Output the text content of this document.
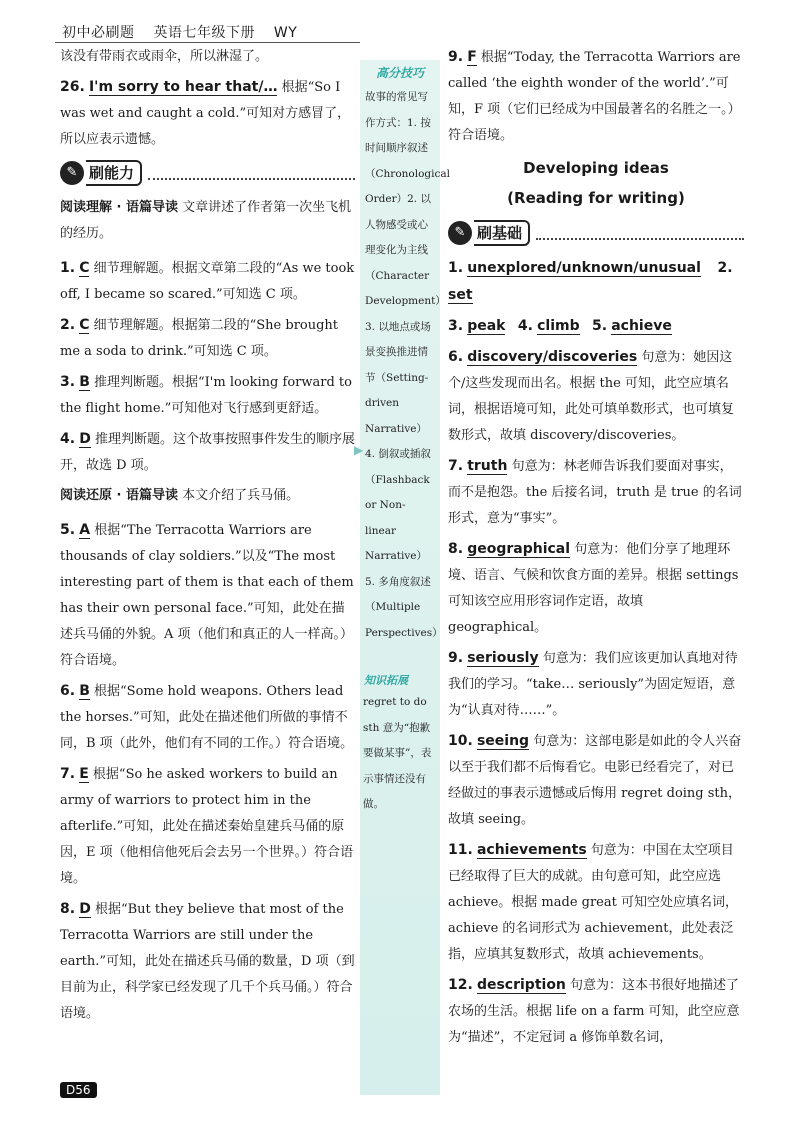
初中必刷题 英语七年级下册 WY
该没有带雨衣或雨伞，所以淋湿了。
26. I'm sorry to hear that/… 根据“So I was wet and caught a cold.”可知对方感冒了，所以应表示遗憾。
✎ 刷能力
阅读理解 · 语篇导读 文章讲述了作者第一次坐飞机的经历。
1. C 细节理解题。根据文章第二段的“As we took off, I became so scared.”可知选 C 项。
2. C 细节理解题。根据第二段的“She brought me a soda to drink.”可知选 C 项。
3. B 推理判断题。根据“I'm looking forward to the flight home.”可知他对飞行感到更舒适。
4. D 推理判断题。这个故事按照事件发生的顺序展开，故选 D 项。
阅读还原 · 语篇导读 本文介绍了兵马俑。
5. A 根据“The Terracotta Warriors are thousands of clay soldiers.”以及“The most interesting part of them is that each of them has their own personal face.”可知，此处在描述兵马俑的外貌。A 项（他们和真正的人一样高。）符合语境。
6. B 根据“Some hold weapons. Others lead the horses.”可知，此处在描述他们所做的事情不同，B 项（此外，他们有不同的工作。）符合语境。
7. E 根据“So he asked workers to build an army of warriors to protect him in the afterlife.”可知，此处在描述秦始皇建兵马俑的原因，E 项（他相信他死后会去另一个世界。）符合语境。
8. D 根据“But they believe that most of the Terracotta Warriors are still under the earth.”可知，此处在描述兵马俑的数量，D 项（到目前为止，科学家已经发现了几千个兵马俑。）符合语境。
高分技巧
故事的常见写作方式：1. 按时间顺序叙述（Chronological Order）2. 以人物感受或心理变化为主线（Character Development）3. 以地点或场景变换推进情节（Setting-driven Narrative）4. 倒叙或插叙（Flashback or Non-linear Narrative）5. 多角度叙述（Multiple Perspectives）
知识拓展
regret to do sth 意为“抱歉要做某事”，表示事情还没有做。
▶
9. F 根据“Today, the Terracotta Warriors are called ‘the eighth wonder of the world’.”可知，F 项（它们已经成为中国最著名的名胜之一。）符合语境。
Developing ideas
(Reading for writing)
✎ 刷基础
1. unexplored/unknown/unusual 2. set
3. peak 4. climb 5. achieve
6. discovery/discoveries 句意为：她因这个/这些发现而出名。根据 the 可知，此空应填名词，根据语境可知，此处可填单数形式，也可填复数形式，故填 discovery/discoveries。
7. truth 句意为：林老师告诉我们要面对事实，而不是抱怨。the 后接名词，truth 是 true 的名词形式，意为“事实”。
8. geographical 句意为：他们分享了地理环境、语言、气候和饮食方面的差异。根据 settings 可知该空应用形容词作定语，故填 geographical。
9. seriously 句意为：我们应该更加认真地对待我们的学习。“take… seriously”为固定短语，意为“认真对待……”。
10. seeing 句意为：这部电影是如此的令人兴奋以至于我们都不后悔看它。电影已经看完了，对已经做过的事表示遗憾或后悔用 regret doing sth，故填 seeing。
11. achievements 句意为：中国在太空项目已经取得了巨大的成就。由句意可知，此空应选 achieve。根据 made great 可知空处应填名词，achieve 的名词形式为 achievement，此处表泛指，应填其复数形式，故填 achievements。
12. description 句意为：这本书很好地描述了农场的生活。根据 life on a farm 可知，此空应意为“描述”，不定冠词 a 修饰单数名词，
D56
